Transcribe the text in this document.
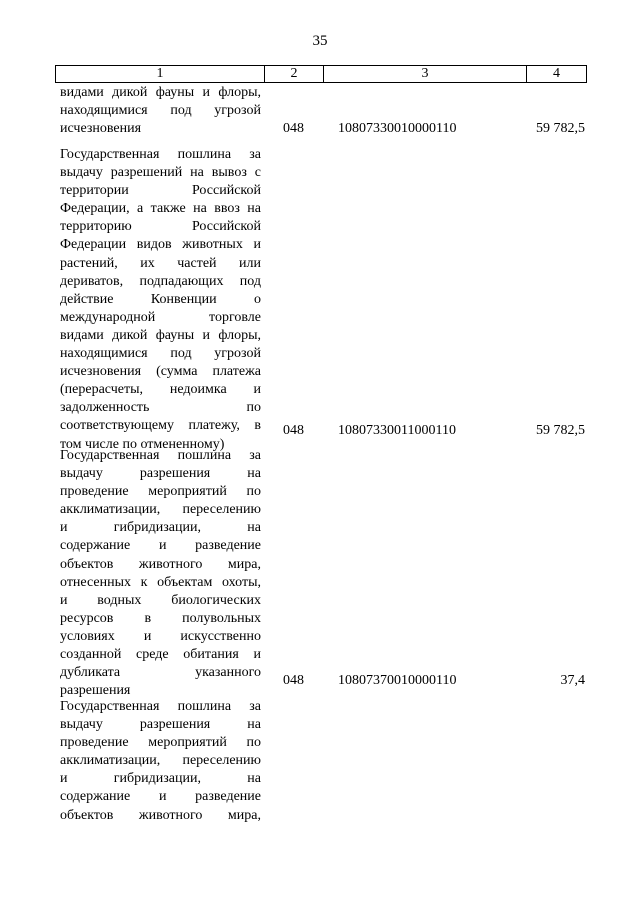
35
1	2	3	4
видами дикой фауны и флоры,
находящимися под угрозой
исчезновения	048	10807330010000110	59 782,5
Государственная пошлина за
выдачу разрешений на вывоз с
территории Российской
Федерации, а также на ввоз на
территорию Российской
Федерации видов животных и
растений, их частей или
дериватов, подпадающих под
действие Конвенции о
международной торговле
видами дикой фауны и флоры,
находящимися под угрозой
исчезновения (сумма платежа
(перерасчеты, недоимка и
задолженность по
соответствующему платежу, в
том числе по отмененному)
048	10807330011000110	59 782,5
Государственная пошлина за
выдачу разрешения на
проведение мероприятий по
акклиматизации, переселению
и гибридизации, на
содержание и разведение
объектов животного мира,
отнесенных к объектам охоты,
и водных биологических
ресурсов в полувольных
условиях и искусственно
созданной среде обитания и
дубликата указанного
разрешения
048	10807370010000110	37,4
Государственная пошлина за
выдачу разрешения на
проведение мероприятий по
акклиматизации, переселению
и гибридизации, на
содержание и разведение
объектов животного мира,
